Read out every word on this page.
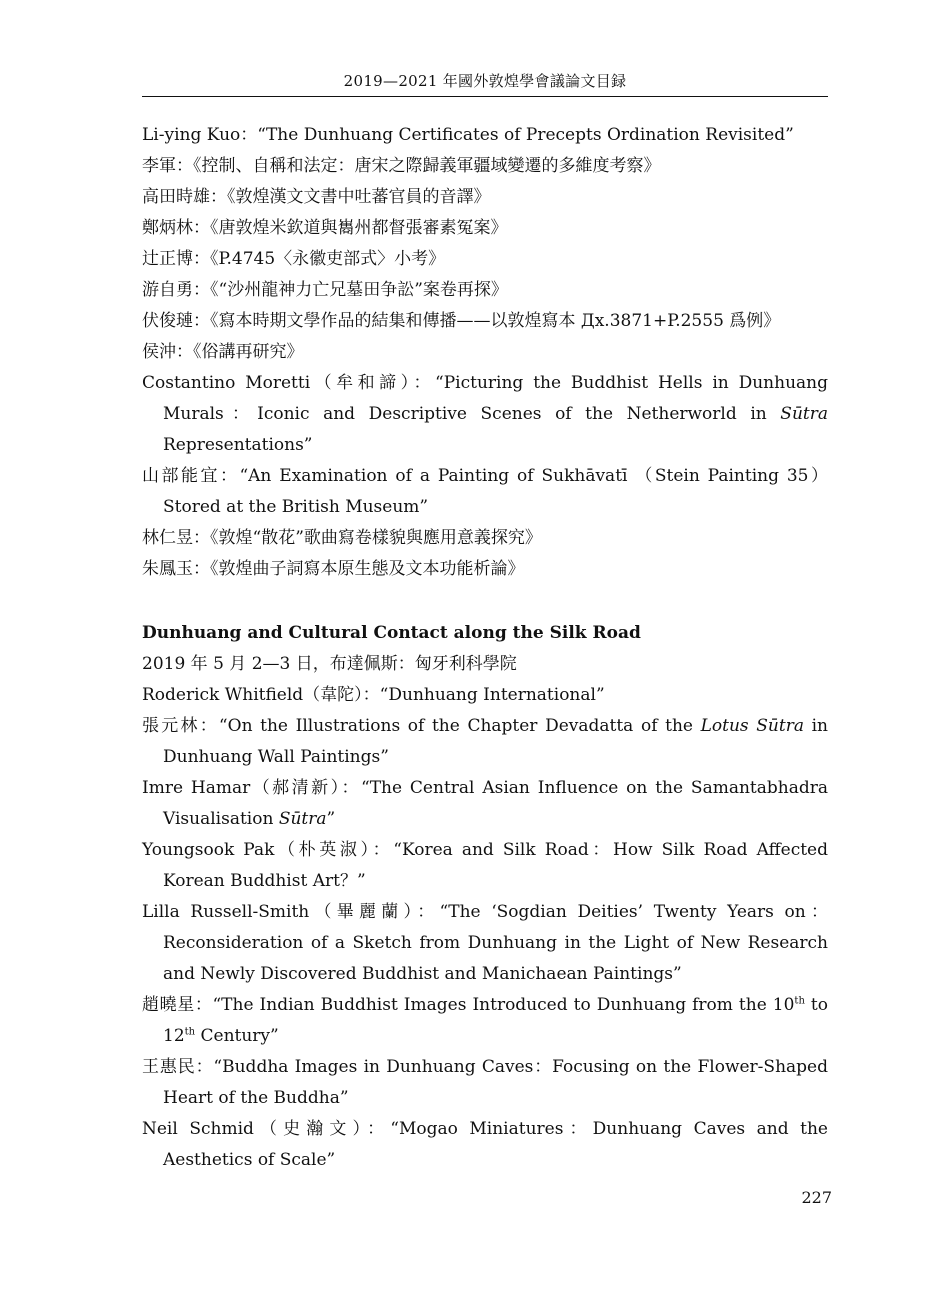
2019—2021 年國外敦煌學會議論文目録

Li-ying Kuo：“The Dunhuang Certificates of Precepts Ordination Revisited”

李軍：《控制、自稱和法定：唐宋之際歸義軍疆域變遷的多維度考察》

高田時雄：《敦煌漢文文書中吐蕃官員的音譯》

鄭炳林：《唐敦煌米欽道與巂州都督張審素冤案》

辻正博：《P.4745〈永徽吏部式〉小考》

游自勇：《“沙州龍神力亡兄墓田争訟”案卷再探》

伏俊璉：《寫本時期文學作品的結集和傳播——以敦煌寫本 Дx.3871+P.2555 爲例》

侯沖：《俗講再研究》

Costantino Moretti（牟和諦）：“Picturing the Buddhist Hells in Dunhuang Murals：Iconic and Descriptive Scenes of the Netherworld in Sūtra Representations”

山部能宜：“An Examination of a Painting of Sukhāvatī （Stein Painting 35） Stored at the British Museum”

林仁昱：《敦煌“散花”歌曲寫卷樣貌與應用意義探究》

朱鳳玉：《敦煌曲子詞寫本原生態及文本功能析論》

Dunhuang and Cultural Contact along the Silk Road

2019 年 5 月 2—3 日，布達佩斯：匈牙利科學院

Roderick Whitfield（韋陀）：“Dunhuang International”

張元林：“On the Illustrations of the Chapter Devadatta of the Lotus Sūtra in Dunhuang Wall Paintings”

Imre Hamar（郝清新）：“The Central Asian Influence on the Samantabhadra Visualisation Sūtra”

Youngsook Pak（朴英淑）：“Korea and Silk Road：How Silk Road Affected Korean Buddhist Art？”

Lilla Russell-Smith（畢麗蘭）：“The ‘Sogdian Deities’ Twenty Years on：Reconsideration of a Sketch from Dunhuang in the Light of New Research and Newly Discovered Buddhist and Manichaean Paintings”

趙曉星：“The Indian Buddhist Images Introduced to Dunhuang from the 10th to 12th Century”

王惠民：“Buddha Images in Dunhuang Caves：Focusing on the Flower-Shaped Heart of the Buddha”

Neil Schmid（史瀚文）：“Mogao Miniatures：Dunhuang Caves and the Aesthetics of Scale”

227
